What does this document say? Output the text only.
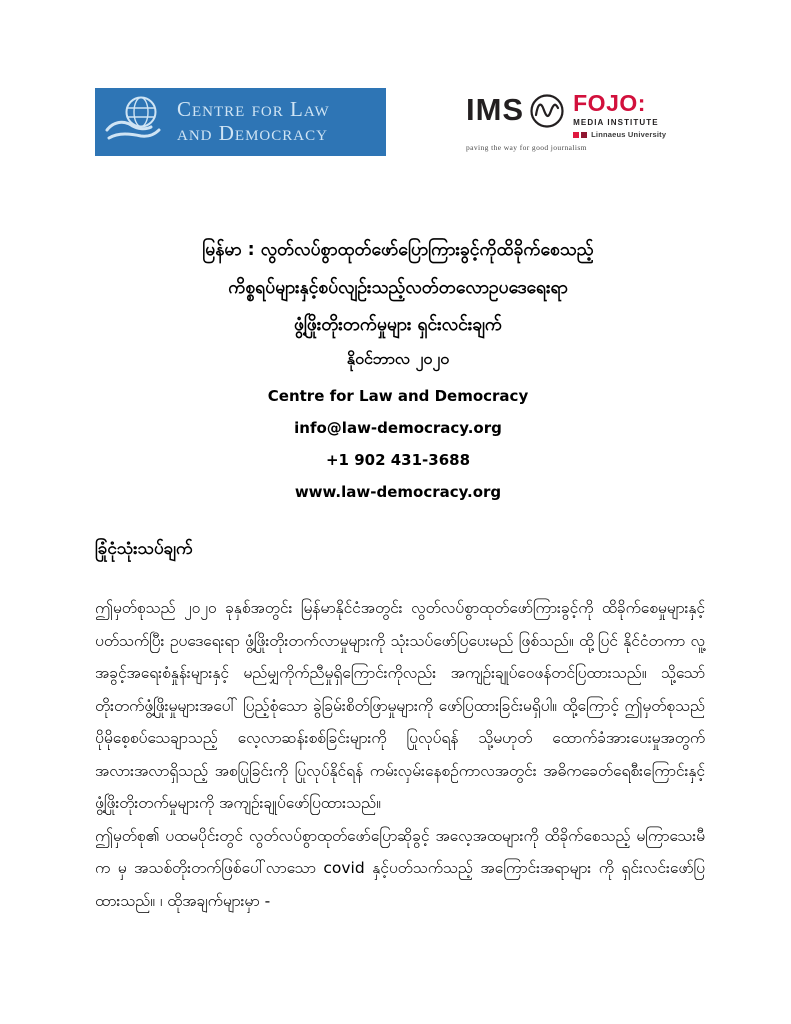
Centre for Law
and Democracy
IMS FOJO:
MEDIA INSTITUTE
Linnaeus University
paving the way for good journalism
မြန်မာ : လွတ်လပ်စွာထုတ်ဖော်ပြောကြားခွင့်ကိုထိခိုက်စေသည့်
ကိစ္စရပ်များနှင့်စပ်လျဉ်းသည့်လတ်တလောဥပဒေရေးရာ
ဖွံ့ဖြိုးတိုးတက်မှုများ ရှင်းလင်းချက်
နိုဝင်ဘာလ ၂၀၂၀
Centre for Law and Democracy
info@law-democracy.org
+1 902 431-3688
www.law-democracy.org
ခြုံငုံသုံးသပ်ချက်

ဤမှတ်စုသည် ၂၀၂၀ ခုနှစ်အတွင်း မြန်မာနိုင်ငံအတွင်း လွတ်လပ်စွာထုတ်ဖော်ကြားခွင့်ကို ထိခိုက်စေမှုများနှင့်ပတ်သက်ပြီး ဥပဒေရေးရာ ဖွံ့ဖြိုးတိုးတက်လာမှုများကို သုံးသပ်ဖော်ပြပေးမည် ဖြစ်သည်။ ထို့ပြင် နိုင်ငံတကာ လူ့အခွင့်အရေးစံနှုန်းများနှင့် မည်မျှကိုက်ညီမှုရှိကြောင်းကိုလည်း အကျဉ်းချုပ်ဝေဖန်တင်ပြထားသည်။ သို့သော် တိုးတက်ဖွံ့ဖြိုးမှုများအပေါ် ပြည့်စုံသော ခွဲခြမ်းစိတ်ဖြာမှုများကို ဖော်ပြထားခြင်းမရှိပါ။ ထို့ကြောင့် ဤမှတ်စုသည် ပိုမိုစေ့စပ်သေချာသည့် လေ့လာဆန်းစစ်ခြင်းများကို ပြုလုပ်ရန် သို့မဟုတ် ထောက်ခံအားပေးမှုအတွက် အလားအလာရှိသည့် အစပြုခြင်းကို ပြုလုပ်နိုင်ရန် ကမ်းလှမ်းနေစဉ်ကာလအတွင်း အဓိကခေတ်ရေစီးကြောင်းနှင့် ဖွံ့ဖြိုးတိုးတက်မှုများကို အကျဉ်းချုပ်ဖော်ပြထားသည်။

ဤမှတ်စု၏ ပထမပိုင်းတွင် လွတ်လပ်စွာထုတ်ဖော်ပြောဆိုခွင့် အလေ့အထများကို ထိခိုက်စေသည့် မကြာသေးမီက မှ အသစ်တိုးတက်ဖြစ်ပေါ်လာသော covid နှင့်ပတ်သက်သည့် အကြောင်းအရာများ ကို ရှင်းလင်းဖော်ပြထားသည်။ ၊ ထိုအချက်များမှာ -
